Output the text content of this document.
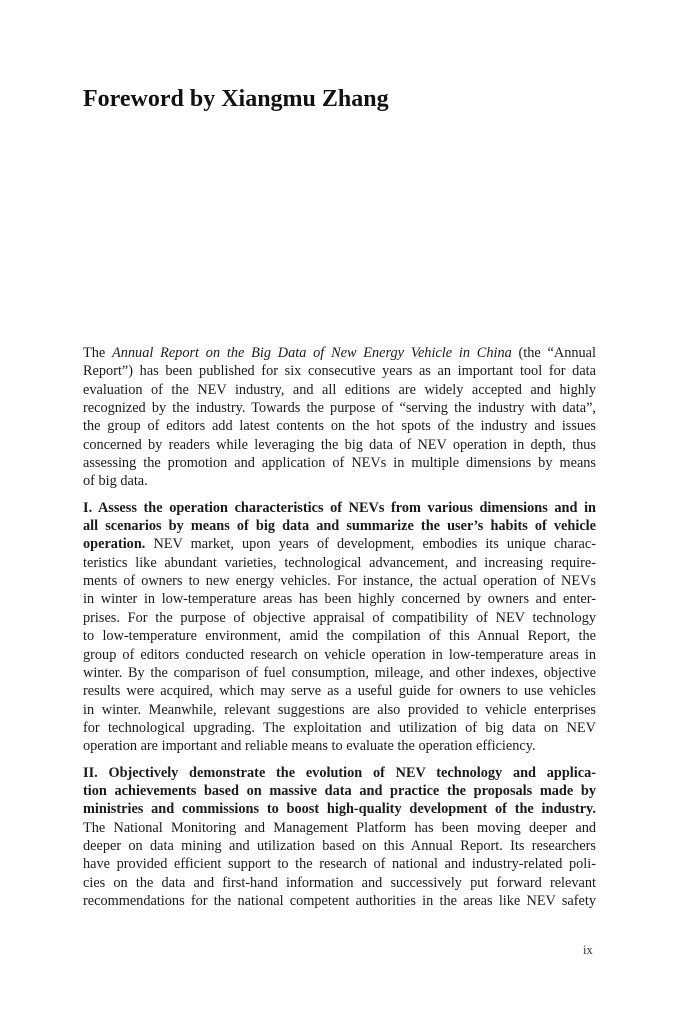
Foreword by Xiangmu Zhang
The Annual Report on the Big Data of New Energy Vehicle in China (the “Annual
Report”) has been published for six consecutive years as an important tool for data
evaluation of the NEV industry, and all editions are widely accepted and highly
recognized by the industry. Towards the purpose of “serving the industry with data”,
the group of editors add latest contents on the hot spots of the industry and issues
concerned by readers while leveraging the big data of NEV operation in depth, thus
assessing the promotion and application of NEVs in multiple dimensions by means
of big data.
I. Assess the operation characteristics of NEVs from various dimensions and in
all scenarios by means of big data and summarize the user’s habits of vehicle
operation. NEV market, upon years of development, embodies its unique charac-
teristics like abundant varieties, technological advancement, and increasing require-
ments of owners to new energy vehicles. For instance, the actual operation of NEVs
in winter in low-temperature areas has been highly concerned by owners and enter-
prises. For the purpose of objective appraisal of compatibility of NEV technology
to low-temperature environment, amid the compilation of this Annual Report, the
group of editors conducted research on vehicle operation in low-temperature areas in
winter. By the comparison of fuel consumption, mileage, and other indexes, objective
results were acquired, which may serve as a useful guide for owners to use vehicles
in winter. Meanwhile, relevant suggestions are also provided to vehicle enterprises
for technological upgrading. The exploitation and utilization of big data on NEV
operation are important and reliable means to evaluate the operation efficiency.
II. Objectively demonstrate the evolution of NEV technology and applica-
tion achievements based on massive data and practice the proposals made by
ministries and commissions to boost high-quality development of the industry.
The National Monitoring and Management Platform has been moving deeper and
deeper on data mining and utilization based on this Annual Report. Its researchers
have provided efficient support to the research of national and industry-related poli-
cies on the data and first-hand information and successively put forward relevant
recommendations for the national competent authorities in the areas like NEV safety
ix
